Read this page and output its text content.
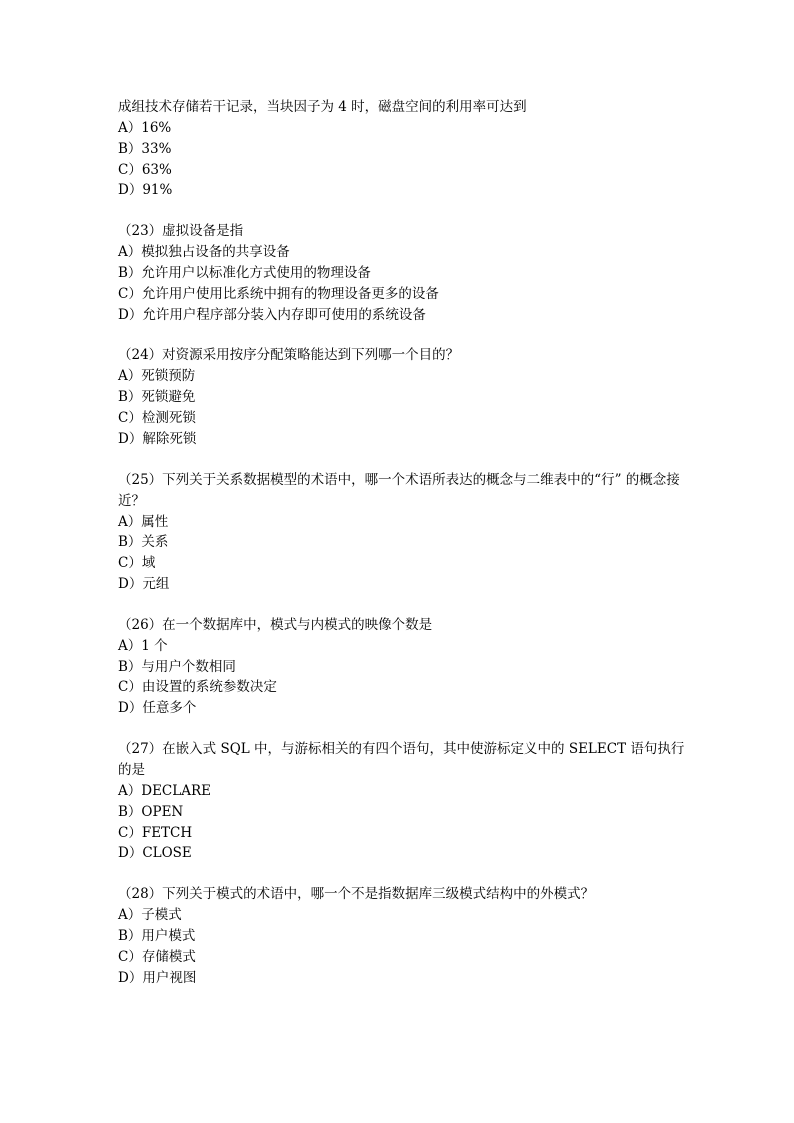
成组技术存储若干记录，当块因子为 4 时，磁盘空间的利用率可达到

A）16%
B）33%
C）63%
D）91%

（23）虚拟设备是指

A）模拟独占设备的共享设备
B）允许用户以标准化方式使用的物理设备
C）允许用户使用比系统中拥有的物理设备更多的设备
D）允许用户程序部分装入内存即可使用的系统设备

（24）对资源采用按序分配策略能达到下列哪一个目的？

A）死锁预防
B）死锁避免
C）检测死锁
D）解除死锁

（25）下列关于关系数据模型的术语中，哪一个术语所表达的概念与二维表中的“行” 的概念接近？

A）属性
B）关系
C）域
D）元组

（26）在一个数据库中，模式与内模式的映像个数是

A）1 个
B）与用户个数相同
C）由设置的系统参数决定
D）任意多个

（27）在嵌入式 SQL 中，与游标相关的有四个语句，其中使游标定义中的 SELECT 语句执行的是

A）DECLARE
B）OPEN
C）FETCH
D）CLOSE

（28）下列关于模式的术语中，哪一个不是指数据库三级模式结构中的外模式？

A）子模式
B）用户模式
C）存储模式
D）用户视图
